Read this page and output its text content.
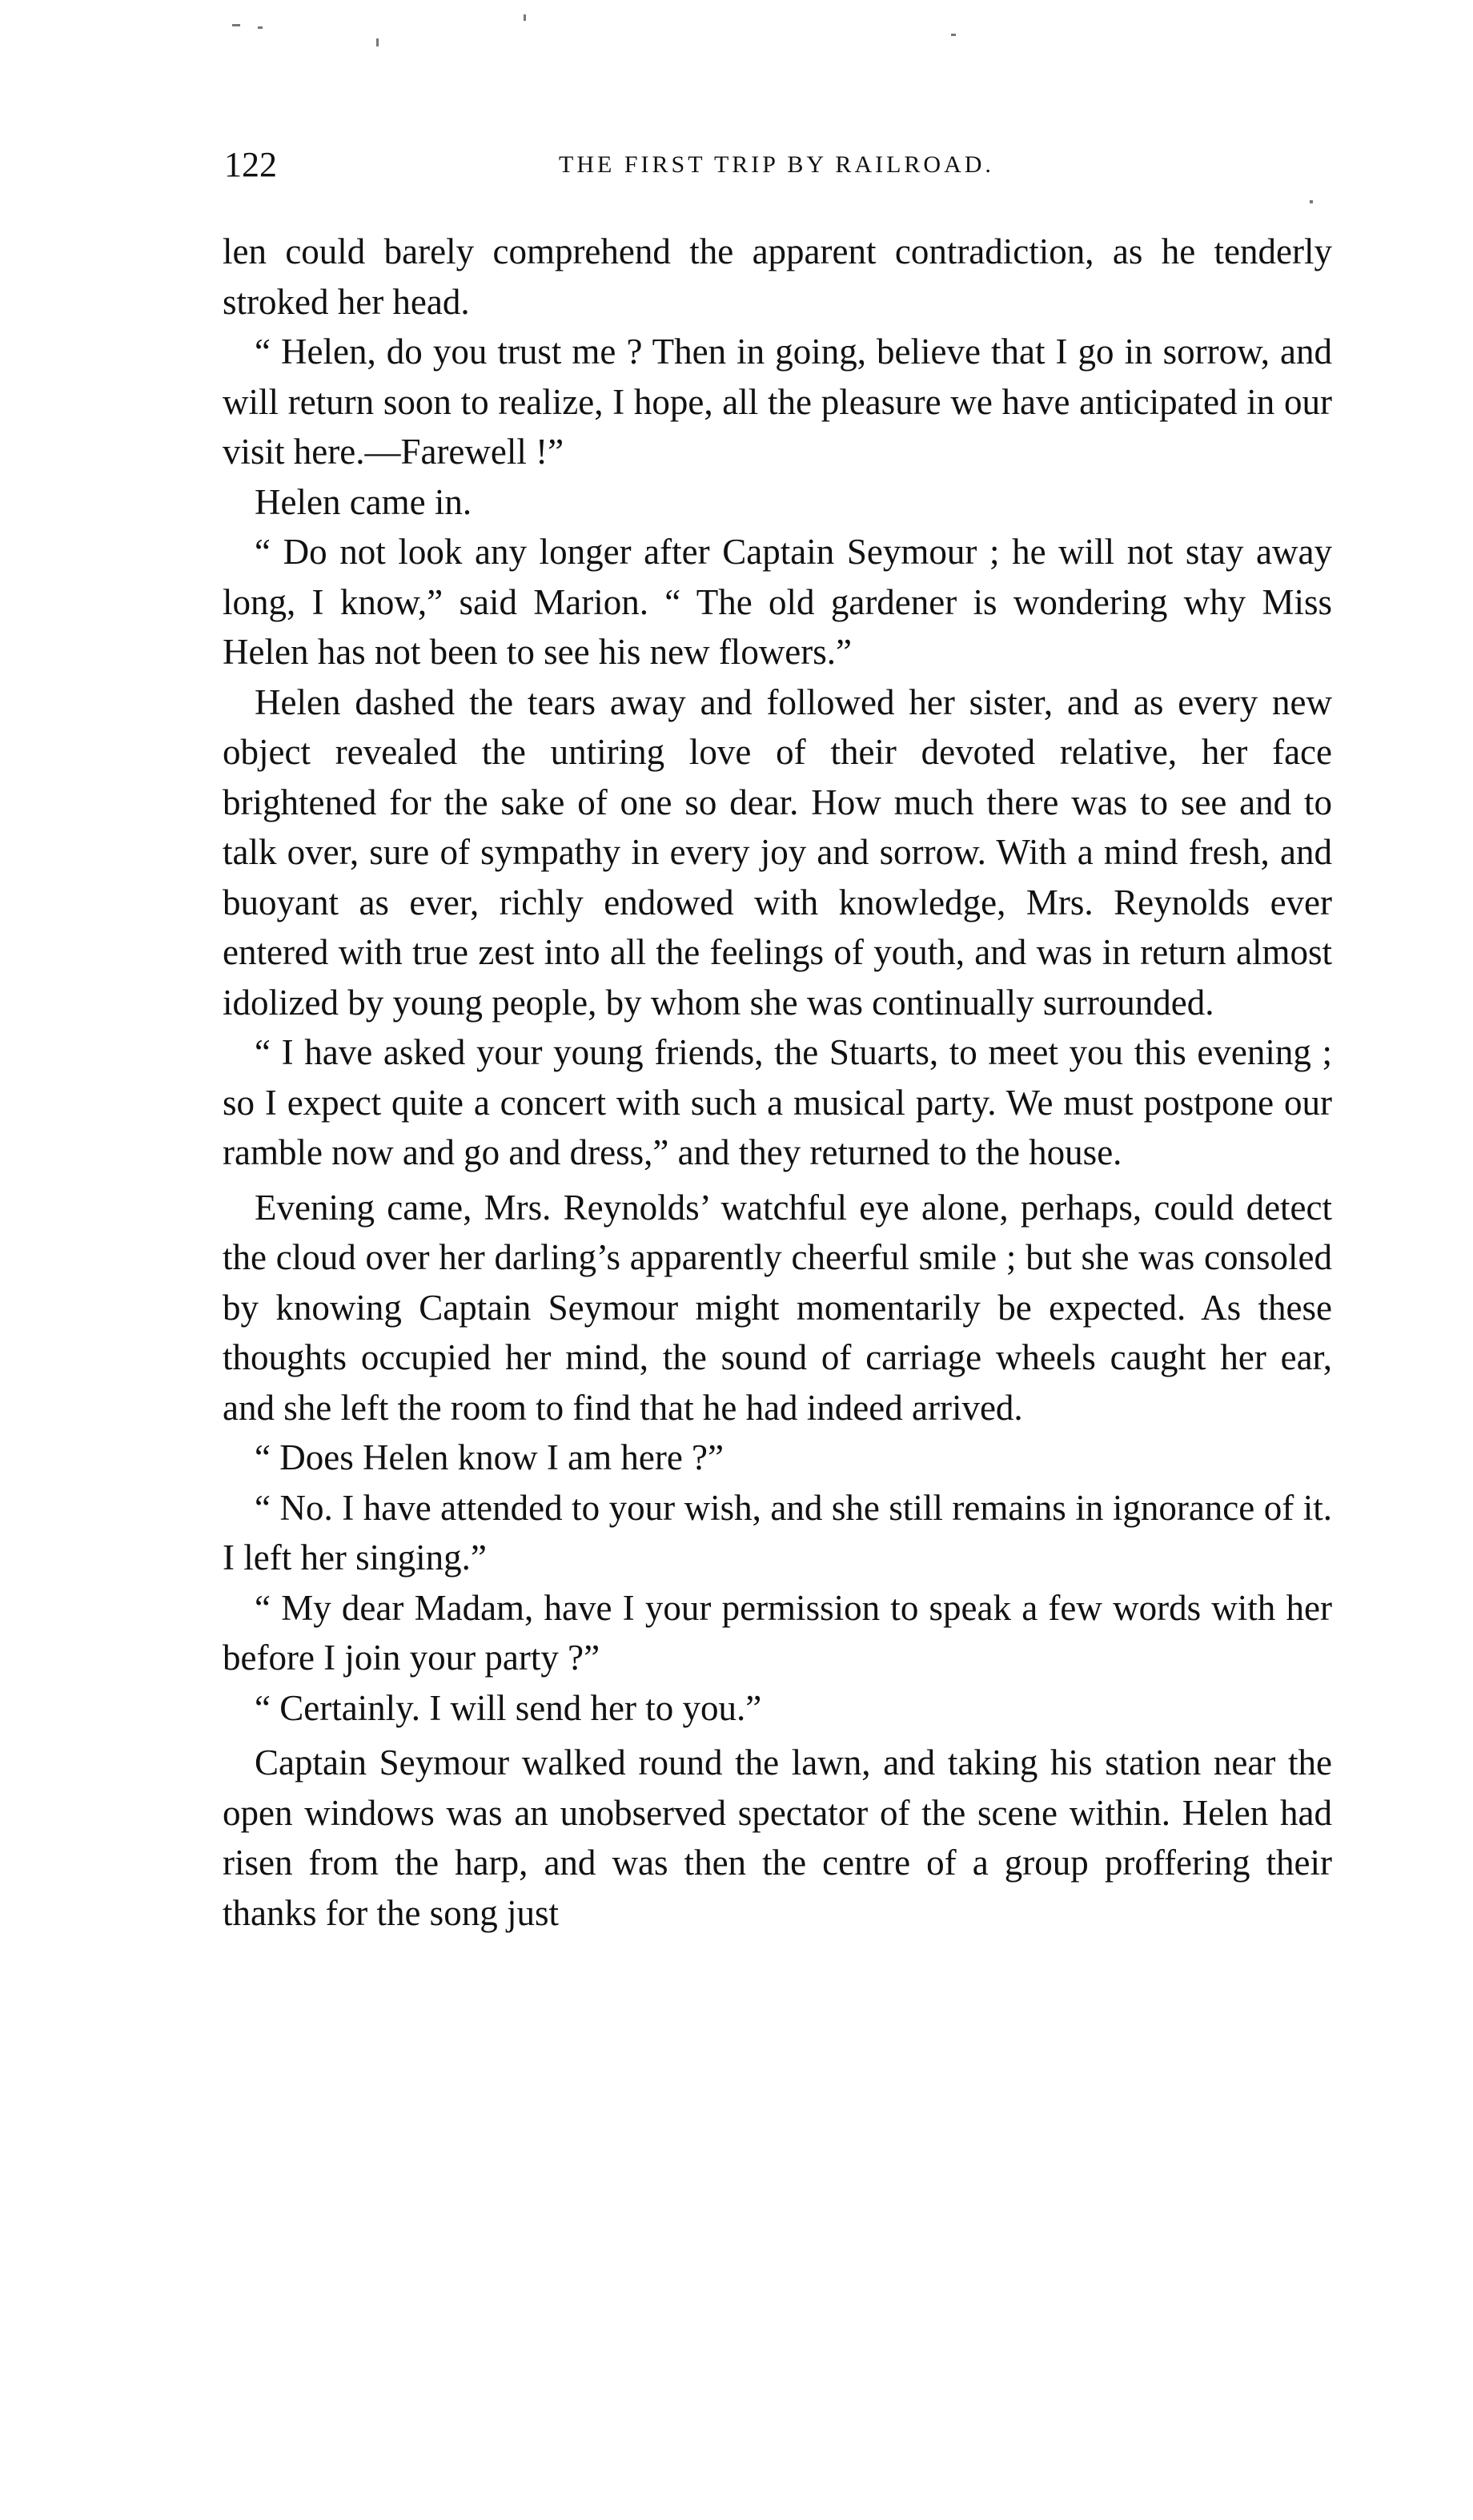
122	THE FIRST TRIP BY RAILROAD.

len could barely comprehend the apparent contradiction, as he tenderly stroked her head.

“ Helen, do you trust me ? Then in going, believe that I go in sorrow, and will return soon to realize, I hope, all the pleasure we have anticipated in our visit here.—Farewell !”

Helen came in.

“ Do not look any longer after Captain Seymour ; he will not stay away long, I know,” said Marion. “ The old gardener is wondering why Miss Helen has not been to see his new flowers.”

Helen dashed the tears away and followed her sister, and as every new object revealed the untiring love of their devoted relative, her face brightened for the sake of one so dear. How much there was to see and to talk over, sure of sympathy in every joy and sorrow. With a mind fresh, and buoyant as ever, richly endowed with knowledge, Mrs. Reynolds ever entered with true zest into all the feelings of youth, and was in return almost idolized by young people, by whom she was continually surrounded.

“ I have asked your young friends, the Stuarts, to meet you this evening ; so I expect quite a concert with such a musical party. We must postpone our ramble now and go and dress,” and they returned to the house.

Evening came, Mrs. Reynolds’ watchful eye alone, perhaps, could detect the cloud over her darling’s apparently cheerful smile ; but she was consoled by knowing Captain Seymour might momentarily be expected. As these thoughts occupied her mind, the sound of carriage wheels caught her ear, and she left the room to find that he had indeed arrived.

“ Does Helen know I am here ?”

“ No. I have attended to your wish, and she still remains in ignorance of it. I left her singing.”

“ My dear Madam, have I your permission to speak a few words with her before I join your party ?”

“ Certainly. I will send her to you.”

Captain Seymour walked round the lawn, and taking his station near the open windows was an unobserved spectator of the scene within. Helen had risen from the harp, and was then the centre of a group proffering their thanks for the song just
